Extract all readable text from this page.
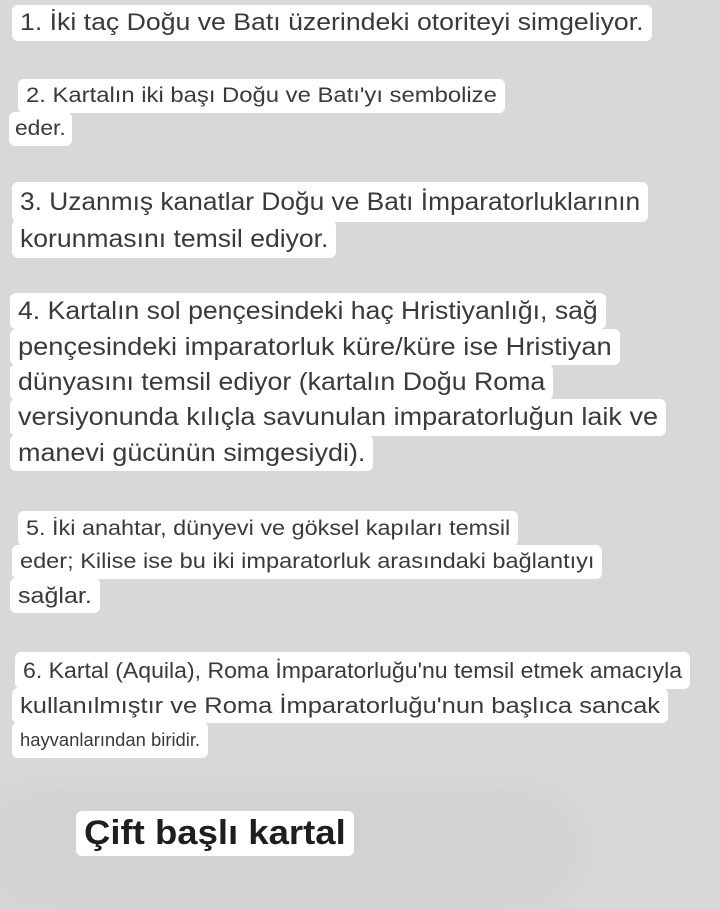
1. İki taç Doğu ve Batı üzerindeki otoriteyi simgeliyor.
2. Kartalın iki başı Doğu ve Batı'yı sembolize
eder.
3. Uzanmış kanatlar Doğu ve Batı İmparatorluklarının
korunmasını temsil ediyor.
4. Kartalın sol pençesindeki haç Hristiyanlığı, sağ
pençesindeki imparatorluk küre/küre ise Hristiyan
dünyasını temsil ediyor (kartalın Doğu Roma
versiyonunda kılıçla savunulan imparatorluğun laik ve
manevi gücünün simgesiydi).
5. İki anahtar, dünyevi ve göksel kapıları temsil
eder; Kilise ise bu iki imparatorluk arasındaki bağlantıyı
sağlar.
6. Kartal (Aquila), Roma İmparatorluğu'nu temsil etmek amacıyla
kullanılmıştır ve Roma İmparatorluğu'nun başlıca sancak
hayvanlarından biridir.
Çift başlı kartal
